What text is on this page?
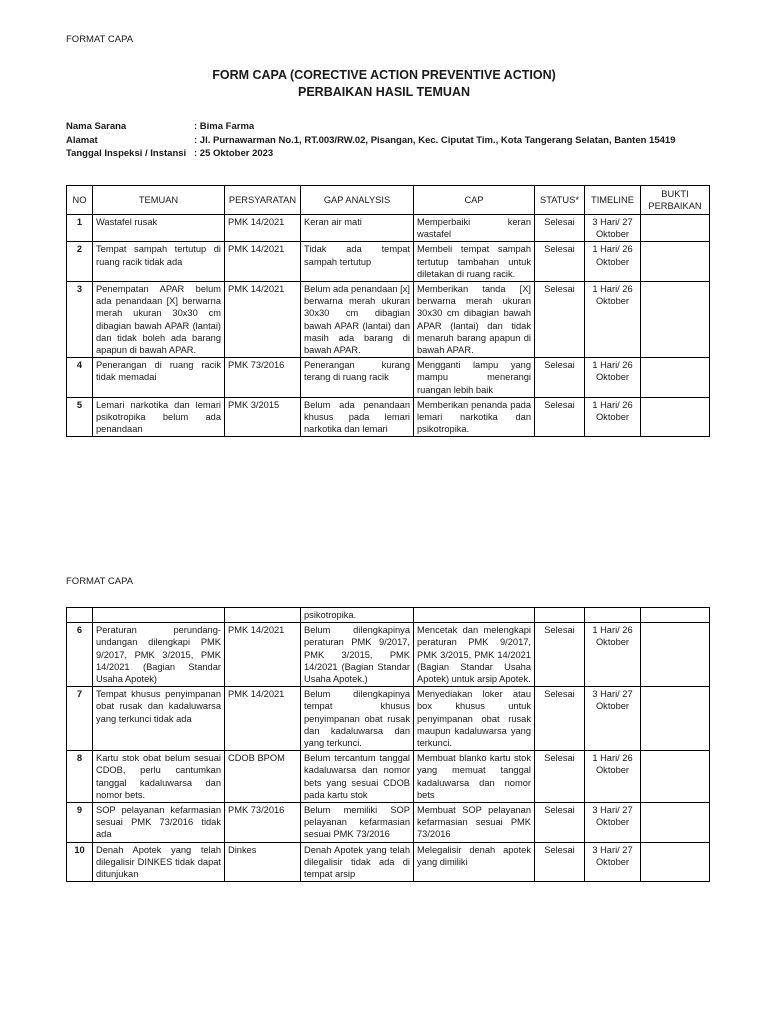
FORMAT CAPA
FORM CAPA (CORECTIVE ACTION PREVENTIVE ACTION)
PERBAIKAN HASIL TEMUAN
Nama Sarana	: Bima Farma
Alamat	: Jl. Purnawarman No.1, RT.003/RW.02, Pisangan, Kec. Ciputat Tim., Kota Tangerang Selatan, Banten 15419
Tanggal Inspeksi / Instansi : 25 Oktober 2023
NO	TEMUAN	PERSYARATAN	GAP ANALYSIS	CAP	STATUS*	TIMELINE	BUKTI PERBAIKAN
1	Wastafel rusak	PMK 14/2021	Keran air mati	Memperbaiki keran wastafel	Selesai	3 Hari/ 27 Oktober	
2	Tempat sampah tertutup di ruang racik tidak ada	PMK 14/2021	Tidak ada tempat sampah tertutup	Membeli tempat sampah tertutup tambahan untuk diletakan di ruang racik.	Selesai	1 Hari/ 26 Oktober	
3	Penempatan APAR belum ada penandaan [X] berwarna merah ukuran 30x30 cm dibagian bawah APAR (lantai) dan tidak boleh ada barang apapun di bawah APAR.	PMK 14/2021	Belum ada penandaan [x] berwarna merah ukuran 30x30 cm dibagian bawah APAR (lantai) dan masih ada barang di bawah APAR.	Memberikan tanda [X] berwarna merah ukuran 30x30 cm dibagian bawah APAR (lantai) dan tidak menaruh barang apapun di bawah APAR.	Selesai	1 Hari/ 26 Oktober	
4	Penerangan di ruang racik tidak memadai	PMK 73/2016	Penerangan kurang terang di ruang racik	Mengganti lampu yang mampu menerangi ruangan lebih baik	Selesai	1 Hari/ 26 Oktober	
5	Lemari narkotika dan lemari psikotropika belum ada penandaan	PMK 3/2015	Belum ada penandaan khusus pada lemari narkotika dan lemari	Memberikan penanda pada lemari narkotika dan psikotropika.	Selesai	1 Hari/ 26 Oktober	
FORMAT CAPA
			psikotropika.				
6	Peraturan perundang-undangan dilengkapi PMK 9/2017, PMK 3/2015, PMK 14/2021 (Bagian Standar Usaha Apotek)	PMK 14/2021	Belum dilengkapinya peraturan PMK 9/2017, PMK 3/2015, PMK 14/2021 (Bagian Standar Usaha Apotek.)	Mencetak dan melengkapi peraturan PMK 9/2017, PMK 3/2015, PMK 14/2021 (Bagian Standar Usaha Apotek) untuk arsip Apotek.	Selesai	1 Hari/ 26 Oktober	
7	Tempat khusus penyimpanan obat rusak dan kadaluwarsa yang terkunci tidak ada	PMK 14/2021	Belum dilengkapinya tempat khusus penyimpanan obat rusak dan kadaluwarsa dan yang terkunci.	Menyediakan loker atau box khusus untuk penyimpanan obat rusak maupun kadaluwarsa yang terkunci.	Selesai	3 Hari/ 27 Oktober	
8	Kartu stok obat belum sesuai CDOB, perlu cantumkan tanggal kadaluwarsa dan nomor bets.	CDOB BPOM	Belum tercantum tanggal kadaluwarsa dan nomor bets yang sesuai CDOB pada kartu stok	Membuat blanko kartu stok yang memuat tanggal kadaluwarsa dan nomor bets	Selesai	1 Hari/ 26 Oktober	
9	SOP pelayanan kefarmasian sesuai PMK 73/2016 tidak ada	PMK 73/2016	Belum memiliki SOP pelayanan kefarmasian sesuai PMK 73/2016	Membuat SOP pelayanan kefarmasian sesuai PMK 73/2016	Selesai	3 Hari/ 27 Oktober	
10	Denah Apotek yang telah dilegalisir DINKES tidak dapat ditunjukan	Dinkes	Denah Apotek yang telah dilegalisir tidak ada di tempat arsip	Melegalisir denah apotek yang dimiliki	Selesai	3 Hari/ 27 Oktober	
